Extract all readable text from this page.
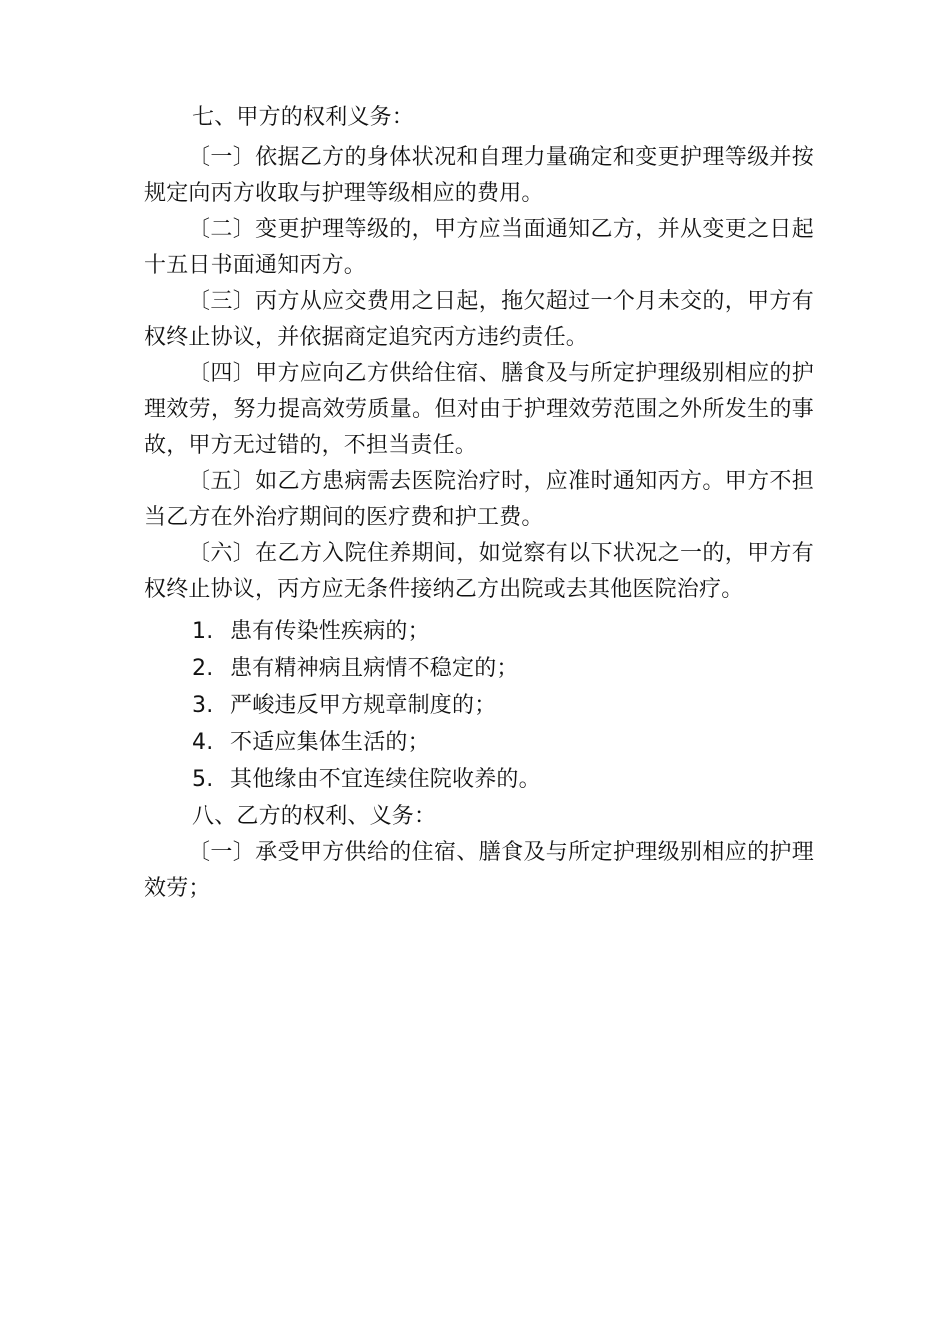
七、甲方的权利义务：

〔一〕依据乙方的身体状况和自理力量确定和变更护理等级并按规定向丙方收取与护理等级相应的费用。

〔二〕变更护理等级的，甲方应当面通知乙方，并从变更之日起十五日书面通知丙方。

〔三〕丙方从应交费用之日起，拖欠超过一个月未交的，甲方有权终止协议，并依据商定追究丙方违约责任。

〔四〕甲方应向乙方供给住宿、膳食及与所定护理级别相应的护理效劳，努力提高效劳质量。但对由于护理效劳范围之外所发生的事故，甲方无过错的，不担当责任。

〔五〕如乙方患病需去医院治疗时，应准时通知丙方。甲方不担当乙方在外治疗期间的医疗费和护工费。

〔六〕在乙方入院住养期间，如觉察有以下状况之一的，甲方有权终止协议，丙方应无条件接纳乙方出院或去其他医院治疗。

1. 患有传染性疾病的；
2. 患有精神病且病情不稳定的；
3. 严峻违反甲方规章制度的；
4. 不适应集体生活的；
5. 其他缘由不宜连续住院收养的。

八、乙方的权利、义务：

〔一〕承受甲方供给的住宿、膳食及与所定护理级别相应的护理效劳；
